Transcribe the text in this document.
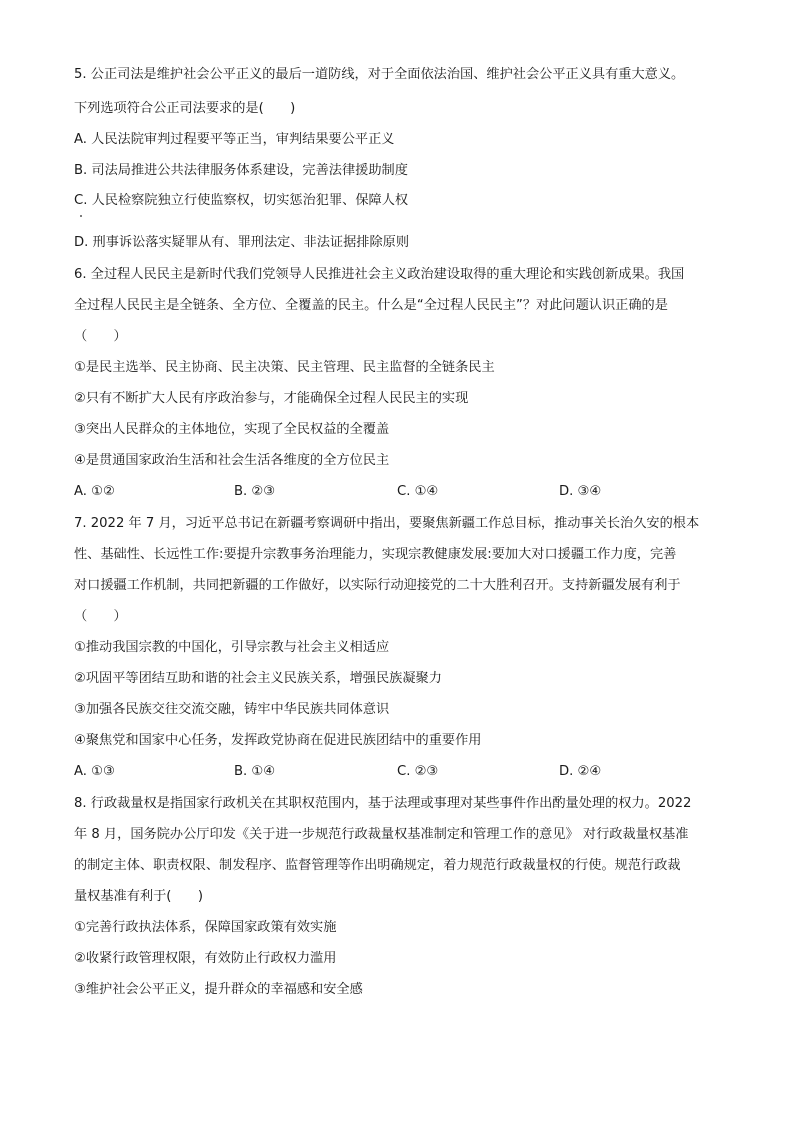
5. 公正司法是维护社会公平正义的最后一道防线，对于全面依法治国、维护社会公平正义具有重大意义。
下列选项符合公正司法要求的是(　　)
A. 人民法院审判过程要平等正当，审判结果要公平正义
B. 司法局推进公共法律服务体系建设，完善法律援助制度
C. 人民检察院独立行使监察权，切实惩治犯罪、保障人权
D. 刑事诉讼落实疑罪从有、罪刑法定、非法证据排除原则
6. 全过程人民民主是新时代我们党领导人民推进社会主义政治建设取得的重大理论和实践创新成果。我国
全过程人民民主是全链条、全方位、全覆盖的民主。什么是“全过程人民民主”？对此问题认识正确的是
（　　）
①是民主选举、民主协商、民主决策、民主管理、民主监督的全链条民主
②只有不断扩大人民有序政治参与，才能确保全过程人民民主的实现
③突出人民群众的主体地位，实现了全民权益的全覆盖
④是贯通国家政治生活和社会生活各维度的全方位民主
A. ①②	B. ②③	C. ①④	D. ③④
7. 2022 年 7 月，习近平总书记在新疆考察调研中指出，要聚焦新疆工作总目标，推动事关长治久安的根本
性、基础性、长远性工作:要提升宗教事务治理能力，实现宗教健康发展:要加大对口援疆工作力度，完善
对口援疆工作机制，共同把新疆的工作做好，以实际行动迎接党的二十大胜利召开。支持新疆发展有利于
（　　）
①推动我国宗教的中国化，引导宗教与社会主义相适应
②巩固平等团结互助和谐的社会主义民族关系，增强民族凝聚力
③加强各民族交往交流交融，铸牢中华民族共同体意识
④聚焦党和国家中心任务，发挥政党协商在促进民族团结中的重要作用
A. ①③	B. ①④	C. ②③	D. ②④
8. 行政裁量权是指国家行政机关在其职权范围内，基于法理或事理对某些事件作出酌量处理的权力。2022
年 8 月，国务院办公厅印发《关于进一步规范行政裁量权基准制定和管理工作的意见》 对行政裁量权基准
的制定主体、职责权限、制发程序、监督管理等作出明确规定，着力规范行政裁量权的行使。规范行政裁
量权基准有利于(　　)
①完善行政执法体系，保障国家政策有效实施
②收紧行政管理权限，有效防止行政权力滥用
③维护社会公平正义，提升群众的幸福感和安全感
